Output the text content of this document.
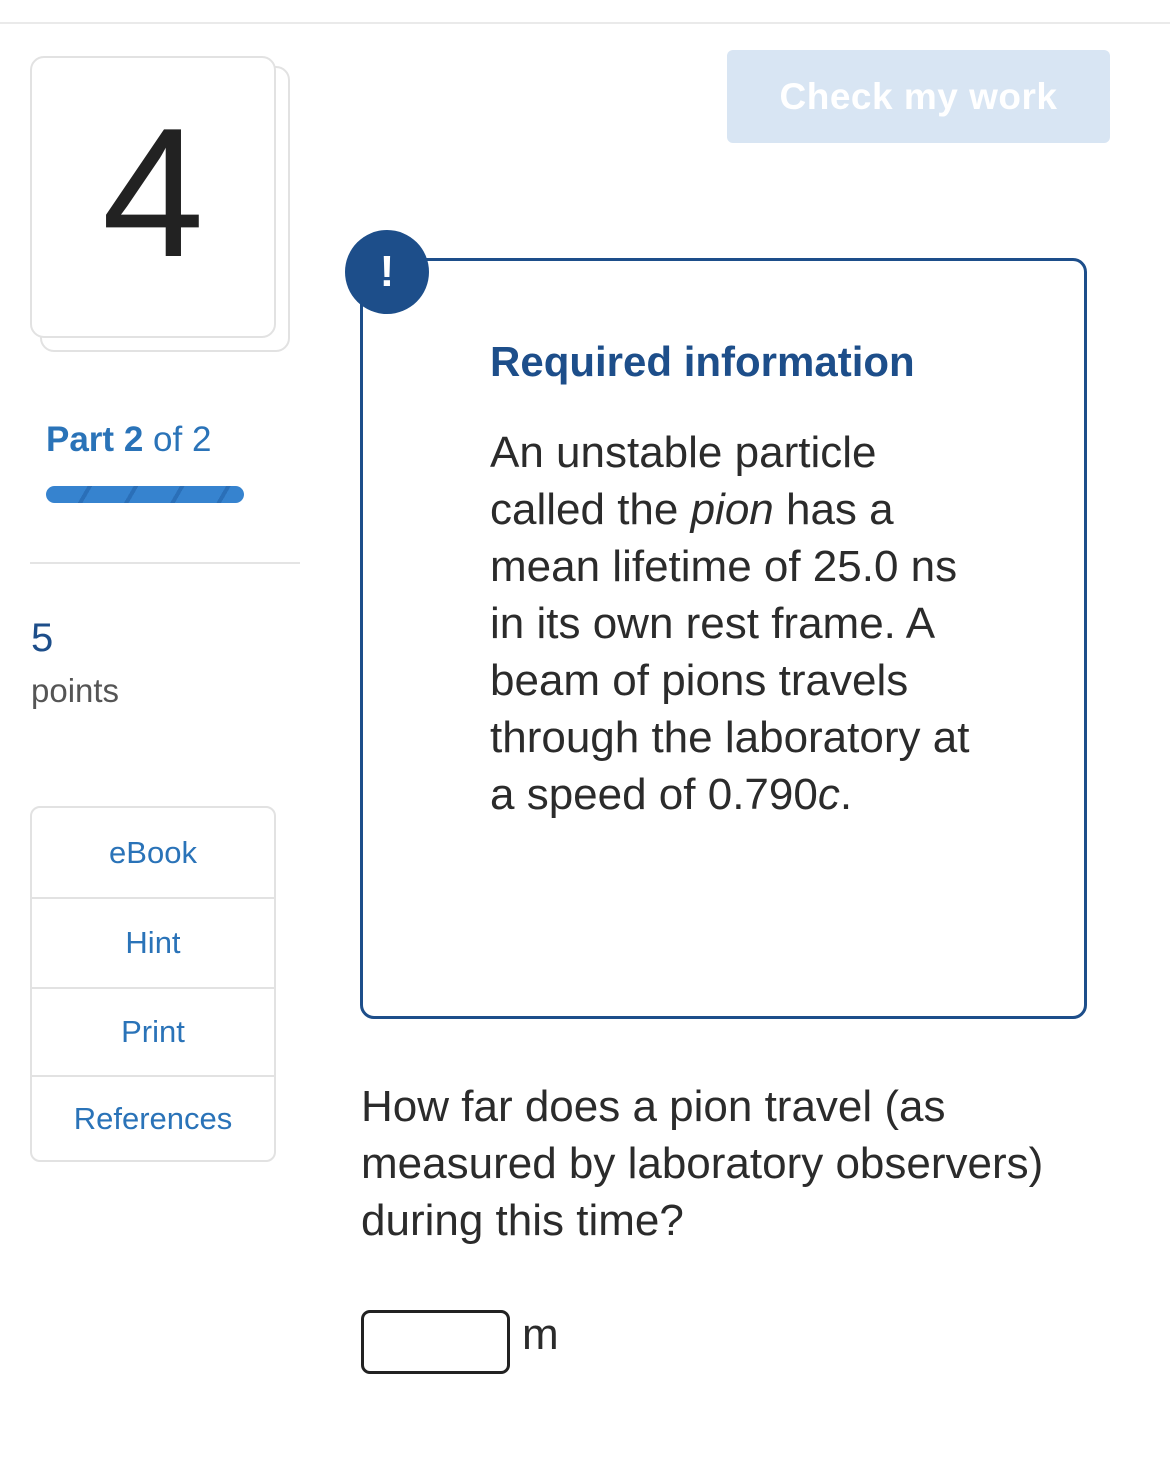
4
Part 2 of 2
5
points
eBook
Hint
Print
References
Check my work
!
Required information
An unstable particle called the pion has a mean lifetime of 25.0 ns in its own rest frame. A beam of pions travels through the laboratory at a speed of 0.790c.
How far does a pion travel (as measured by laboratory observers) during this time?
m
